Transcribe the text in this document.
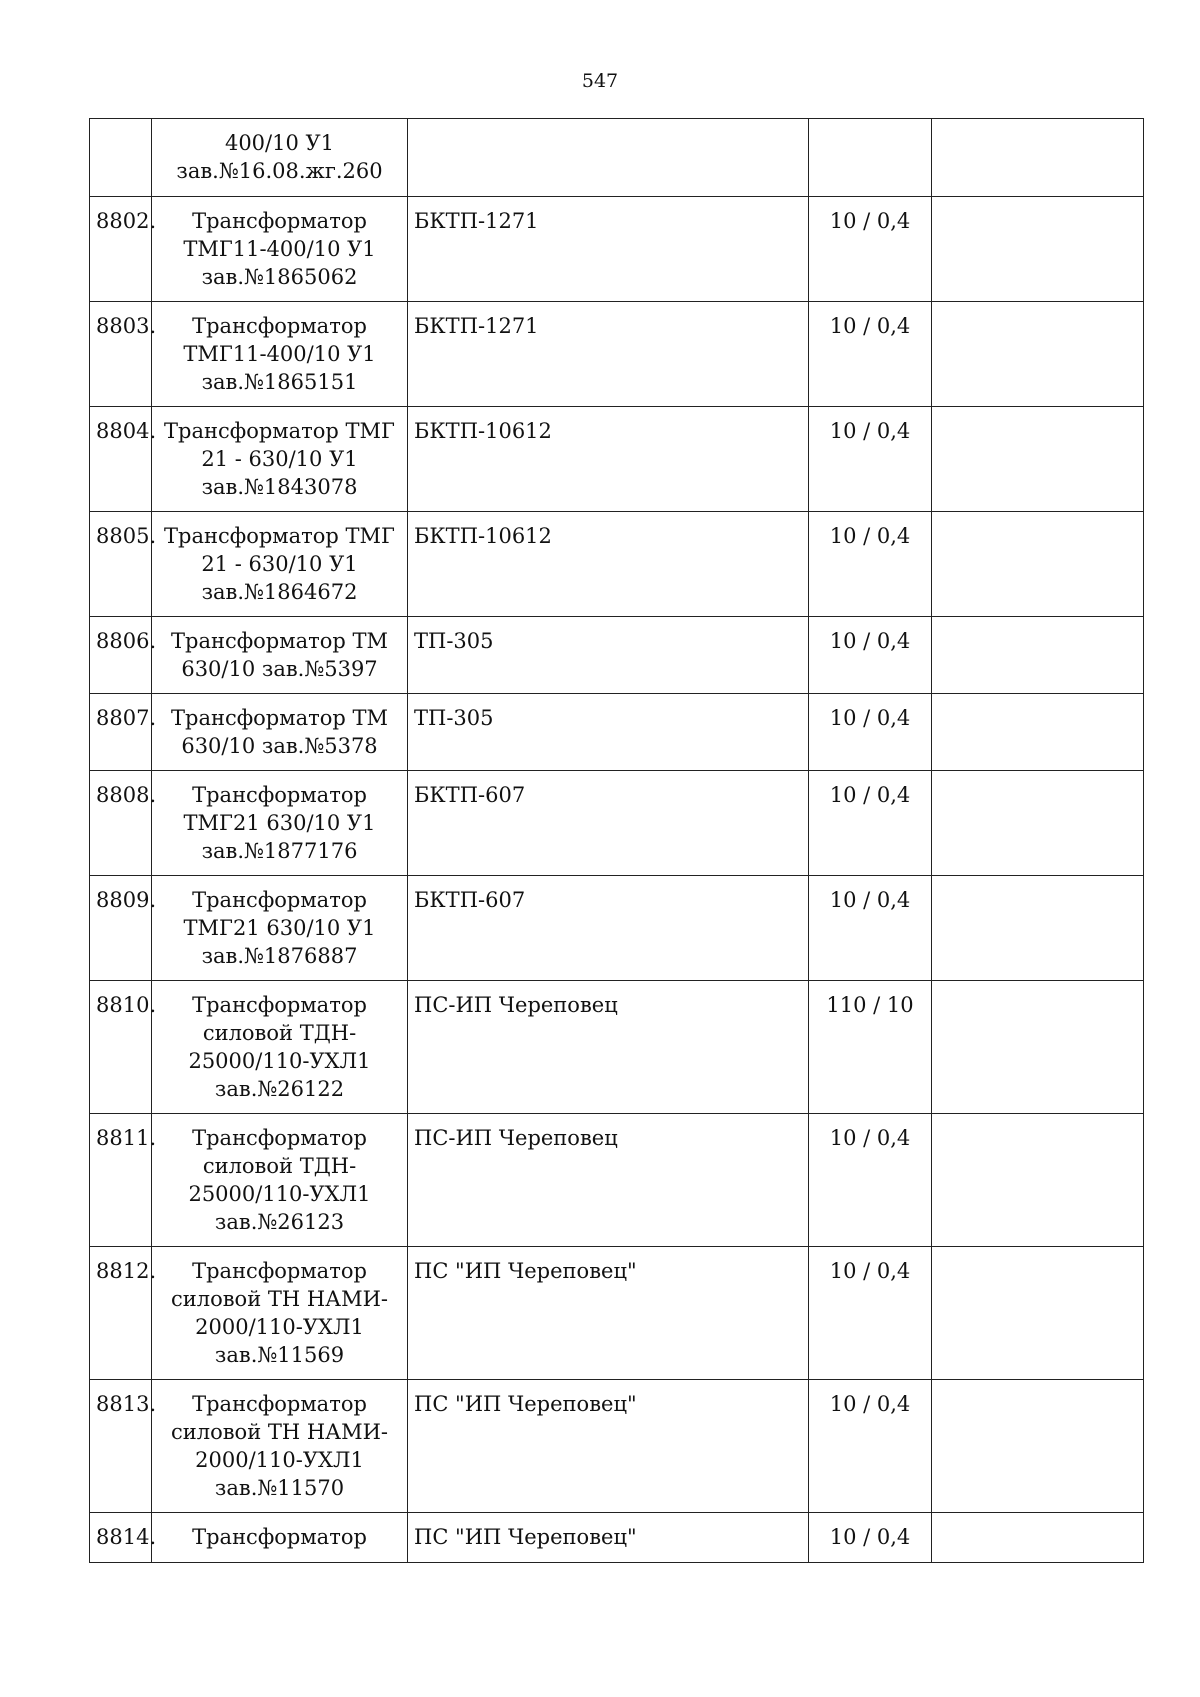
547

	400/10 У1
зав.№16.08.жг.260			

8802.	Трансформатор
ТМГ11-400/10 У1
зав.№1865062	БКТП-1271	10 / 0,4	
8803.	Трансформатор
ТМГ11-400/10 У1
зав.№1865151	БКТП-1271	10 / 0,4	
8804.	Трансформатор ТМГ
21 - 630/10 У1
зав.№1843078	БКТП-10612	10 / 0,4	
8805.	Трансформатор ТМГ
21 - 630/10 У1
зав.№1864672	БКТП-10612	10 / 0,4	
8806.	Трансформатор ТМ
630/10 зав.№5397	ТП-305	10 / 0,4	
8807.	Трансформатор ТМ
630/10 зав.№5378	ТП-305	10 / 0,4	
8808.	Трансформатор
ТМГ21 630/10 У1
зав.№1877176	БКТП-607	10 / 0,4	
8809.	Трансформатор
ТМГ21 630/10 У1
зав.№1876887	БКТП-607	10 / 0,4	
8810.	Трансформатор
силовой ТДН-
25000/110-УХЛ1
зав.№26122	ПС-ИП Череповец	110 / 10	
8811.	Трансформатор
силовой ТДН-
25000/110-УХЛ1
зав.№26123	ПС-ИП Череповец	10 / 0,4	
8812.	Трансформатор
силовой ТН НАМИ-
2000/110-УХЛ1
зав.№11569	ПС "ИП Череповец"	10 / 0,4	
8813.	Трансформатор
силовой ТН НАМИ-
2000/110-УХЛ1
зав.№11570	ПС "ИП Череповец"	10 / 0,4	
8814.	Трансформатор	ПС "ИП Череповец"	10 / 0,4	
